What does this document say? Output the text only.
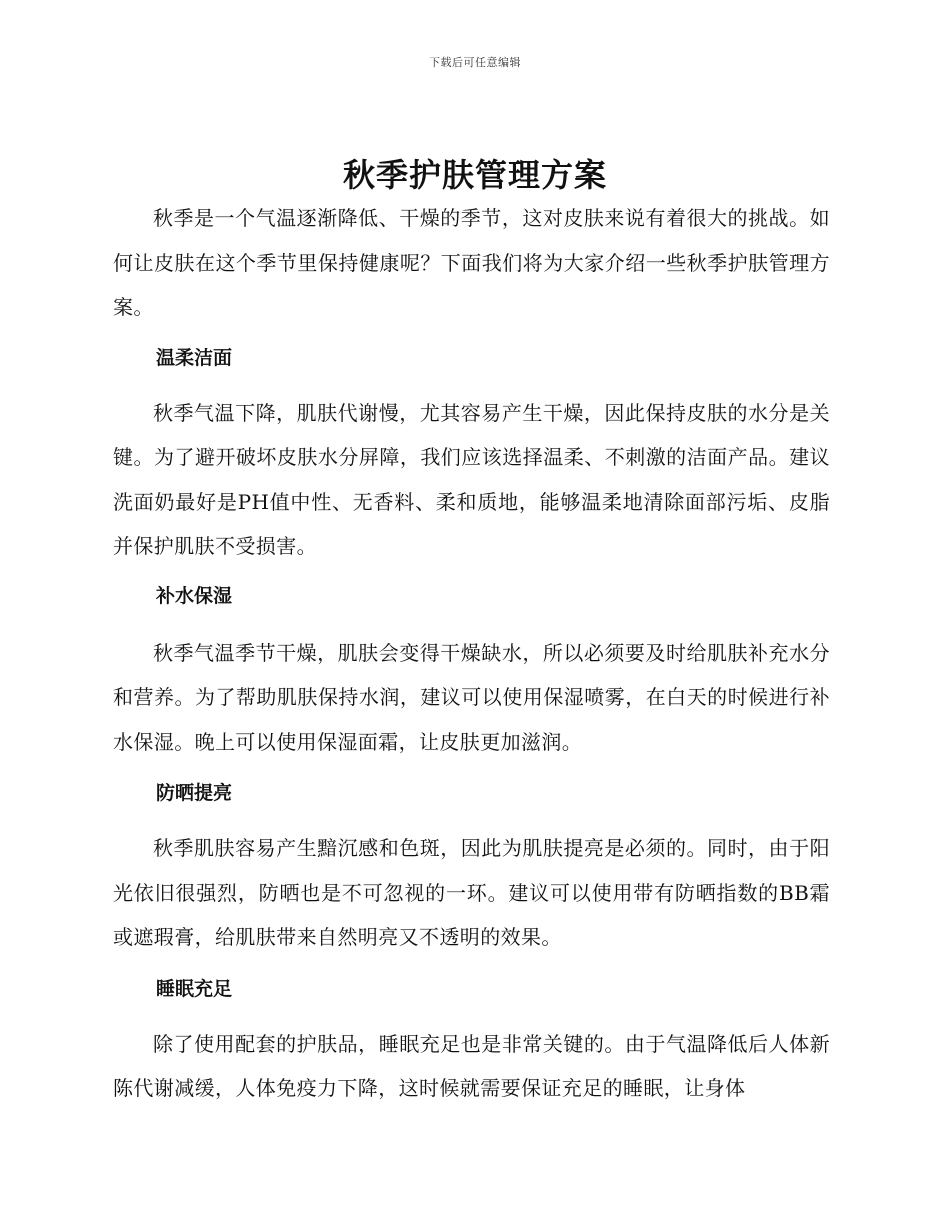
下载后可任意编辑
秋季护肤管理方案

秋季是一个气温逐渐降低、干燥的季节，这对皮肤来说有着很大的挑战。如何让皮肤在这个季节里保持健康呢？下面我们将为大家介绍一些秋季护肤管理方案。

温柔洁面

秋季气温下降，肌肤代谢慢，尤其容易产生干燥，因此保持皮肤的水分是关键。为了避开破坏皮肤水分屏障，我们应该选择温柔、不刺激的洁面产品。建议洗面奶最好是PH值中性、无香料、柔和质地，能够温柔地清除面部污垢、皮脂并保护肌肤不受损害。

补水保湿

秋季气温季节干燥，肌肤会变得干燥缺水，所以必须要及时给肌肤补充水分和营养。为了帮助肌肤保持水润，建议可以使用保湿喷雾，在白天的时候进行补水保湿。晚上可以使用保湿面霜，让皮肤更加滋润。

防晒提亮

秋季肌肤容易产生黯沉感和色斑，因此为肌肤提亮是必须的。同时，由于阳光依旧很强烈，防晒也是不可忽视的一环。建议可以使用带有防晒指数的BB霜或遮瑕膏，给肌肤带来自然明亮又不透明的效果。

睡眠充足

除了使用配套的护肤品，睡眠充足也是非常关键的。由于气温降低后人体新陈代谢减缓，人体免疫力下降，这时候就需要保证充足的睡眠，让身体
